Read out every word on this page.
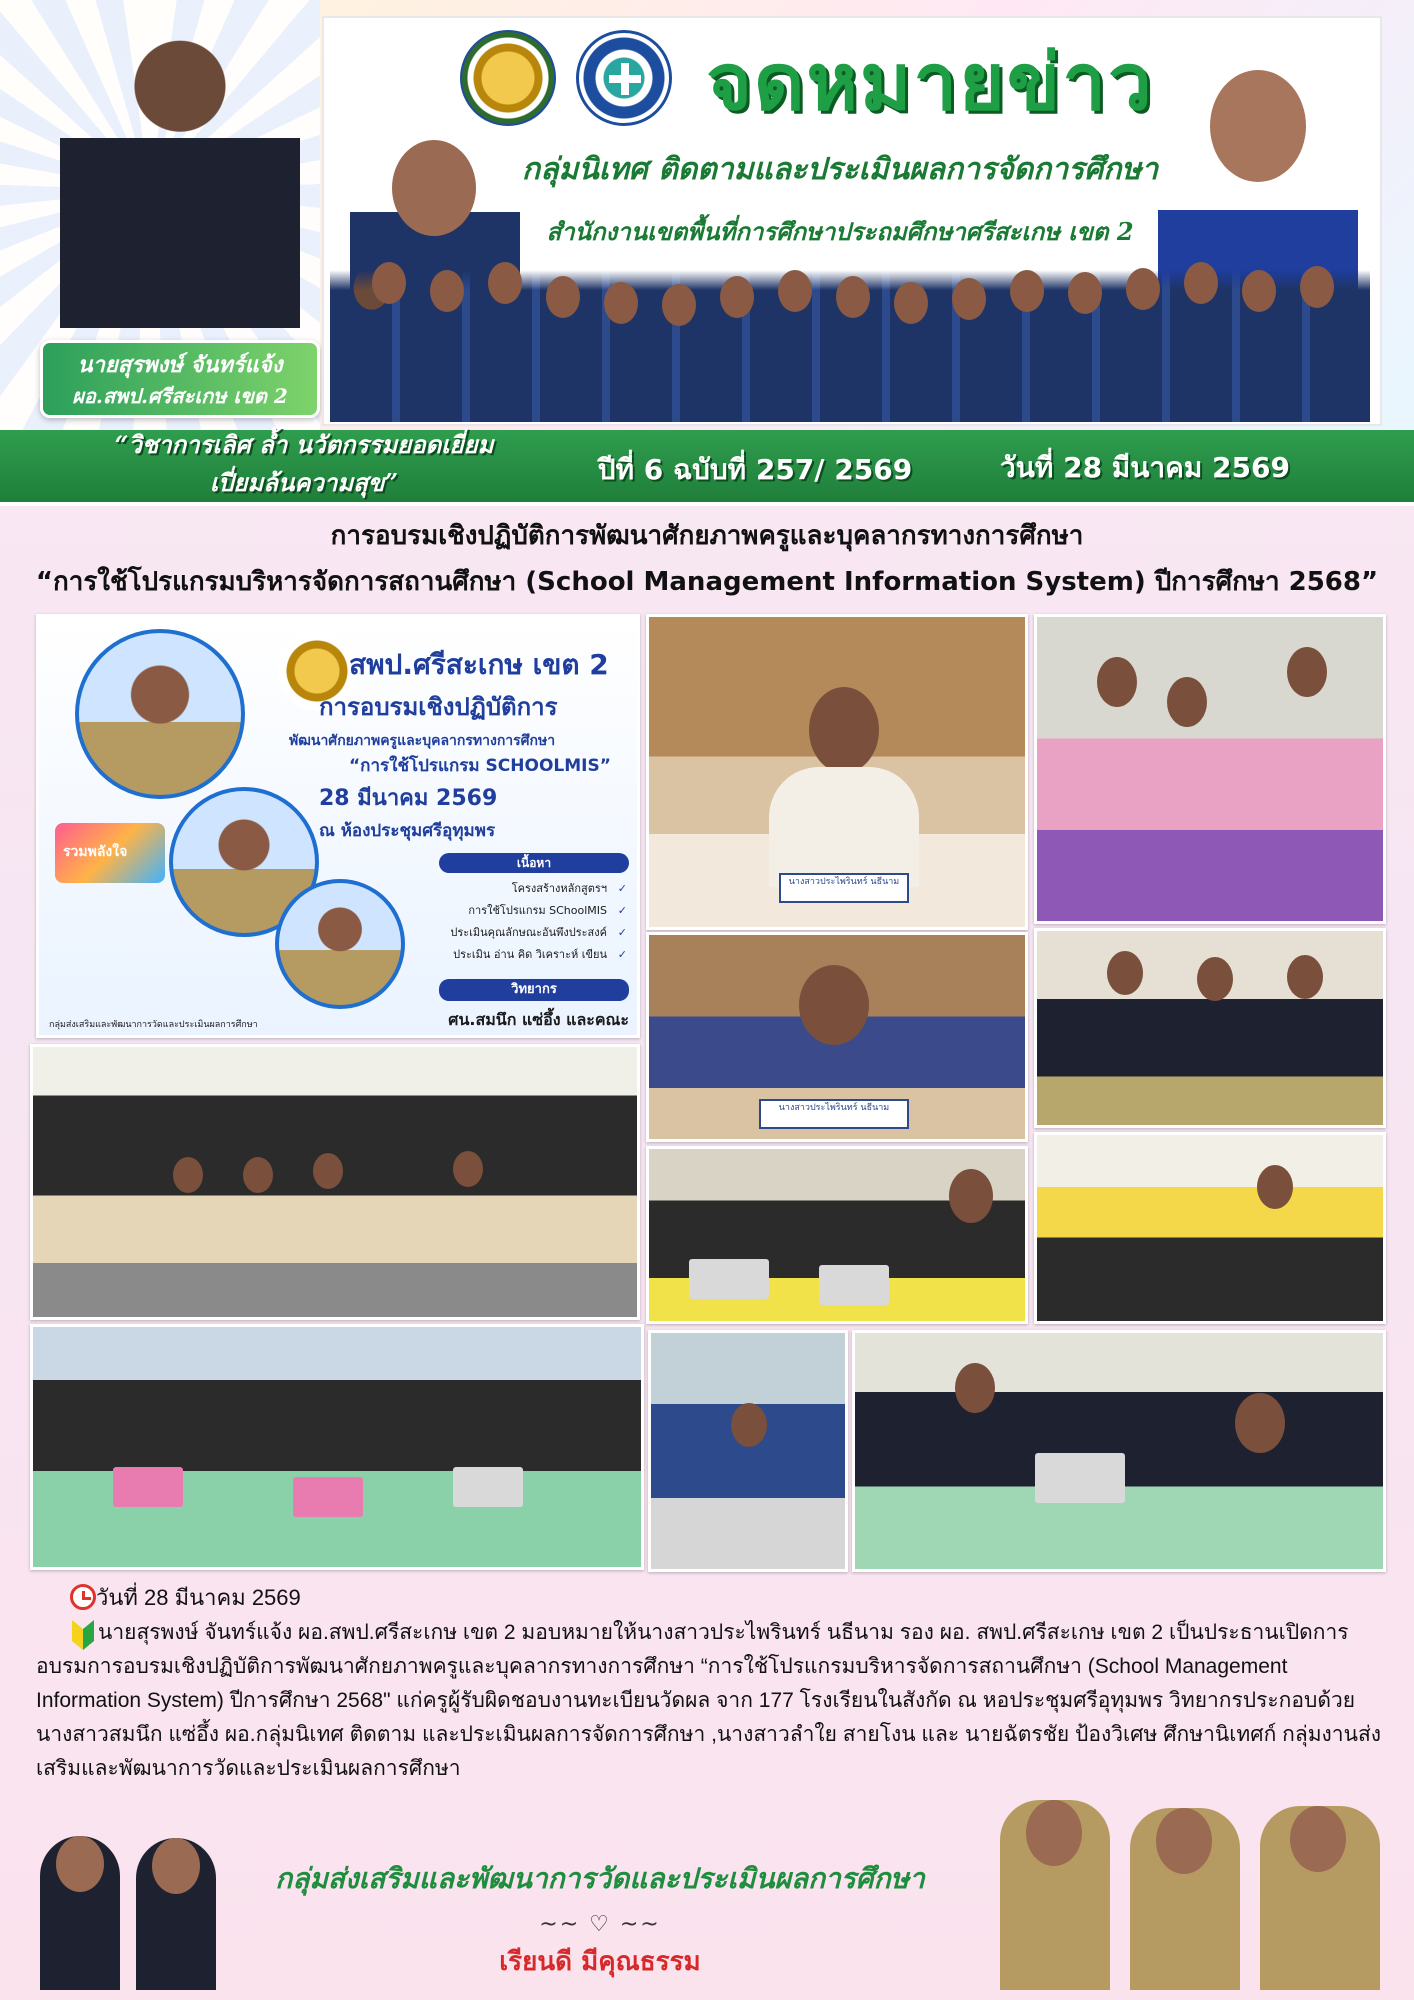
นายสุรพงษ์ จันทร์แจ้ง
ผอ.สพป.ศรีสะเกษ เขต 2
จดหมายข่าว
กลุ่มนิเทศ ติดตามและประเมินผลการจัดการศึกษา
สำนักงานเขตพื้นที่การศึกษาประถมศึกษาศรีสะเกษ เขต 2
“วิชาการเลิศ ล้ำ นวัตกรรมยอดเยี่ยม
เปี่ยมล้นความสุข”	ปีที่ 6 ฉบับที่ 257/ 2569	วันที่ 28 มีนาคม 2569
การอบรมเชิงปฏิบัติการพัฒนาศักยภาพครูและบุคลากรทางการศึกษา
“การใช้โปรแกรมบริหารจัดการสถานศึกษา (School Management Information System) ปีการศึกษา 2568”
สพป.ศรีสะเกษ เขต 2
การอบรมเชิงปฏิบัติการ
พัฒนาศักยภาพครูและบุคลากรทางการศึกษา
“การใช้โปรแกรม SCHOOLMIS”
28 มีนาคม 2569
ณ ห้องประชุมศรีอุทุมพร
เนื้อหา
โครงสร้างหลักสูตรฯ ✓
การใช้โปรแกรม SChoolMIS ✓
ประเมินคุณลักษณะอันพึงประสงค์ ✓
ประเมิน อ่าน คิด วิเคราะห์ เขียน ✓
วิทยากร
ศน.สมนึก แซ่อึ้ง และคณะ
รวมพลังใจ
กลุ่มส่งเสริมและพัฒนาการวัดและประเมินผลการศึกษา
นางสาวประไพรินทร์ นธีนาม
นางสาวประไพรินทร์ นธีนาม
วันที่ 28 มีนาคม 2569
นายสุรพงษ์ จันทร์แจ้ง ผอ.สพป.ศรีสะเกษ เขต 2 มอบหมายให้นางสาวประไพรินทร์ นธีนาม รอง ผอ. สพป.ศรีสะเกษ เขต 2 เป็นประธานเปิดการอบรมการอบรมเชิงปฏิบัติการพัฒนาศักยภาพครูและบุคลากรทางการศึกษา “การใช้โปรแกรมบริหารจัดการสถานศึกษา (School Management Information System) ปีการศึกษา 2568" แก่ครูผู้รับผิดชอบงานทะเบียนวัดผล จาก 177 โรงเรียนในสังกัด ณ หอประชุมศรีอุทุมพร วิทยากรประกอบด้วย นางสาวสมนึก แซ่อึ้ง ผอ.กลุ่มนิเทศ ติดตาม และประเมินผลการจัดการศึกษา ,นางสาวลำใย สายโงน และ นายฉัตรชัย ป้องวิเศษ ศึกษานิเทศก์ กลุ่มงานส่งเสริมและพัฒนาการวัดและประเมินผลการศึกษา
กลุ่มส่งเสริมและพัฒนาการวัดและประเมินผลการศึกษา
~~ ♡ ~~
เรียนดี มีคุณธรรม
